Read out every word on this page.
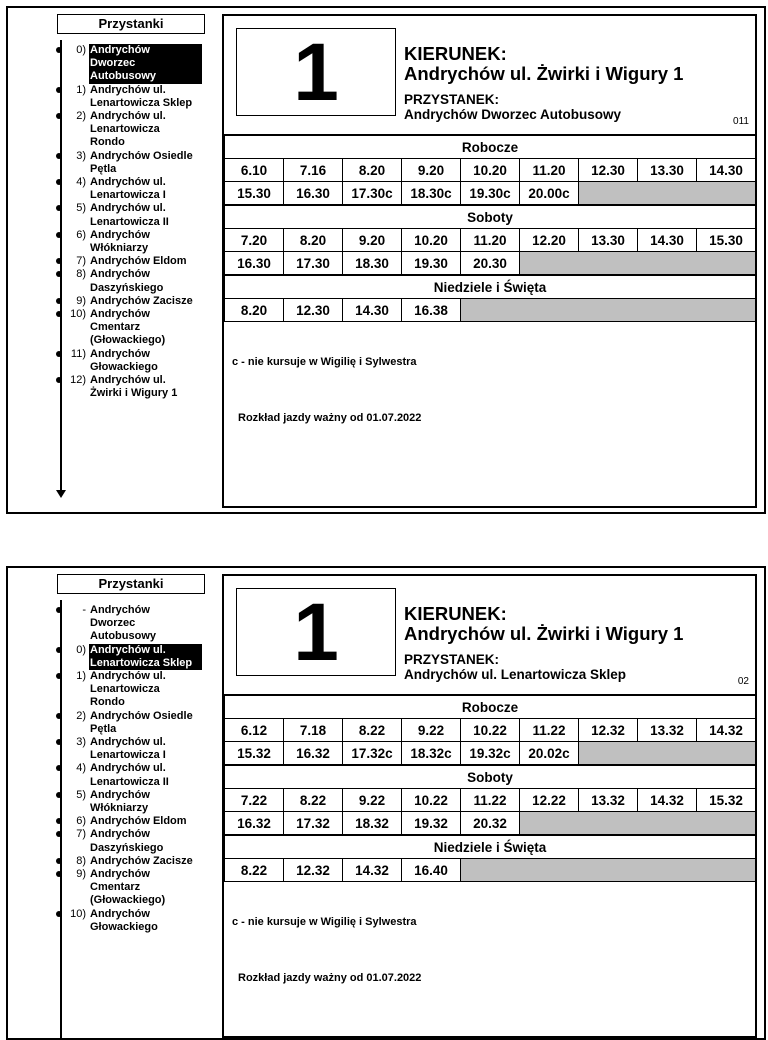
Przystanki
0) Andrychów
Dworzec
Autobusowy
1) Andrychów ul.
Lenartowicza Sklep
2) Andrychów ul.
Lenartowicza
Rondo
3) Andrychów Osiedle
Pętla
4) Andrychów ul.
Lenartowicza I
5) Andrychów ul.
Lenartowicza II
6) Andrychów
Włókniarzy
7) Andrychów Eldom
8) Andrychów
Daszyńskiego
9) Andrychów Zacisze
10) Andrychów
Cmentarz
(Głowackiego)
11) Andrychów
Głowackiego
12) Andrychów ul.
Żwirki i Wigury 1
1	KIERUNEK:
Andrychów ul. Żwirki i Wigury 1
PRZYSTANEK:
Andrychów Dworzec Autobusowy	011
Robocze								
6.10	7.16	8.20	9.20	10.20	11.20	12.30	13.30	14.30
15.30	16.30	17.30c	18.30c	19.30c	20.00c			
Soboty								
7.20	8.20	9.20	10.20	11.20	12.20	13.30	14.30	15.30
16.30	17.30	18.30	19.30	20.30				
Niedziele i Święta								
8.20	12.30	14.30	16.38					
c - nie kursuje w Wigilię i Sylwestra
Rozkład jazdy ważny od 01.07.2022
Przystanki
- Andrychów
Dworzec
Autobusowy
0) Andrychów ul.
Lenartowicza Sklep
1) Andrychów ul.
Lenartowicza
Rondo
2) Andrychów Osiedle
Pętla
3) Andrychów ul.
Lenartowicza I
4) Andrychów ul.
Lenartowicza II
5) Andrychów
Włókniarzy
6) Andrychów Eldom
7) Andrychów
Daszyńskiego
8) Andrychów Zacisze
9) Andrychów
Cmentarz
(Głowackiego)
10) Andrychów
Głowackiego
1	KIERUNEK:
Andrychów ul. Żwirki i Wigury 1
PRZYSTANEK:
Andrychów ul. Lenartowicza Sklep	02
Robocze								
6.12	7.18	8.22	9.22	10.22	11.22	12.32	13.32	14.32
15.32	16.32	17.32c	18.32c	19.32c	20.02c			
Soboty								
7.22	8.22	9.22	10.22	11.22	12.22	13.32	14.32	15.32
16.32	17.32	18.32	19.32	20.32				
Niedziele i Święta								
8.22	12.32	14.32	16.40					
c - nie kursuje w Wigilię i Sylwestra
Rozkład jazdy ważny od 01.07.2022
